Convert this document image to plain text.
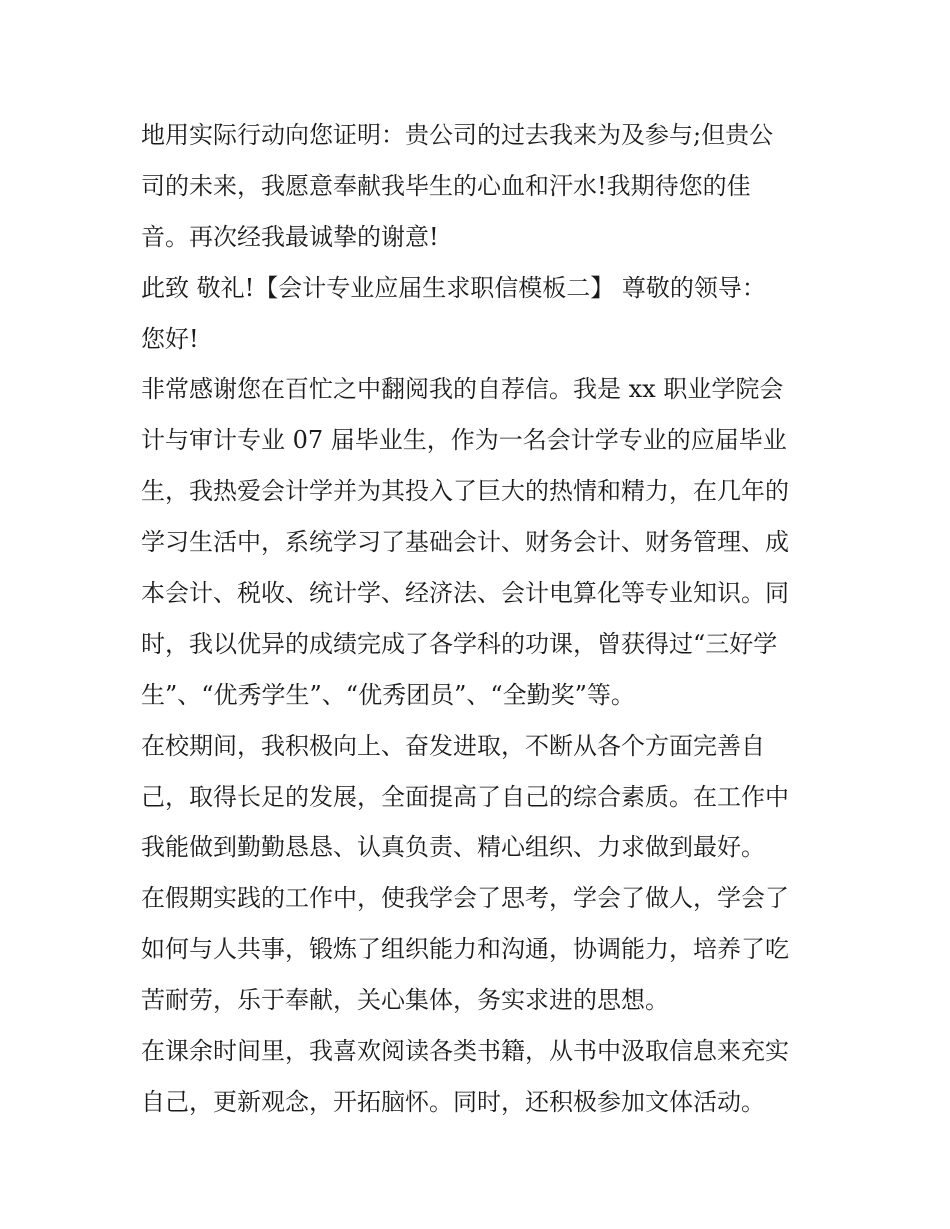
地用实际行动向您证明：贵公司的过去我来为及参与;但贵公
司的未来，我愿意奉献我毕生的心血和汗水!我期待您的佳
音。再次经我最诚挚的谢意!
此致 敬礼!【会计专业应届生求职信模板二】 尊敬的领导：
您好!
非常感谢您在百忙之中翻阅我的自荐信。我是 xx 职业学院会
计与审计专业 07 届毕业生，作为一名会计学专业的应届毕业
生，我热爱会计学并为其投入了巨大的热情和精力，在几年的
学习生活中，系统学习了基础会计、财务会计、财务管理、成
本会计、税收、统计学、经济法、会计电算化等专业知识。同
时，我以优异的成绩完成了各学科的功课，曾获得过“三好学
生”、“优秀学生”、“优秀团员”、“全勤奖”等。
在校期间，我积极向上、奋发进取，不断从各个方面完善自
己，取得长足的发展，全面提高了自己的综合素质。在工作中
我能做到勤勤恳恳、认真负责、精心组织、力求做到最好。
在假期实践的工作中，使我学会了思考，学会了做人，学会了
如何与人共事，锻炼了组织能力和沟通，协调能力，培养了吃
苦耐劳，乐于奉献，关心集体，务实求进的思想。
在课余时间里，我喜欢阅读各类书籍，从书中汲取信息来充实
自己，更新观念，开拓脑怀。同时，还积极参加文体活动。
